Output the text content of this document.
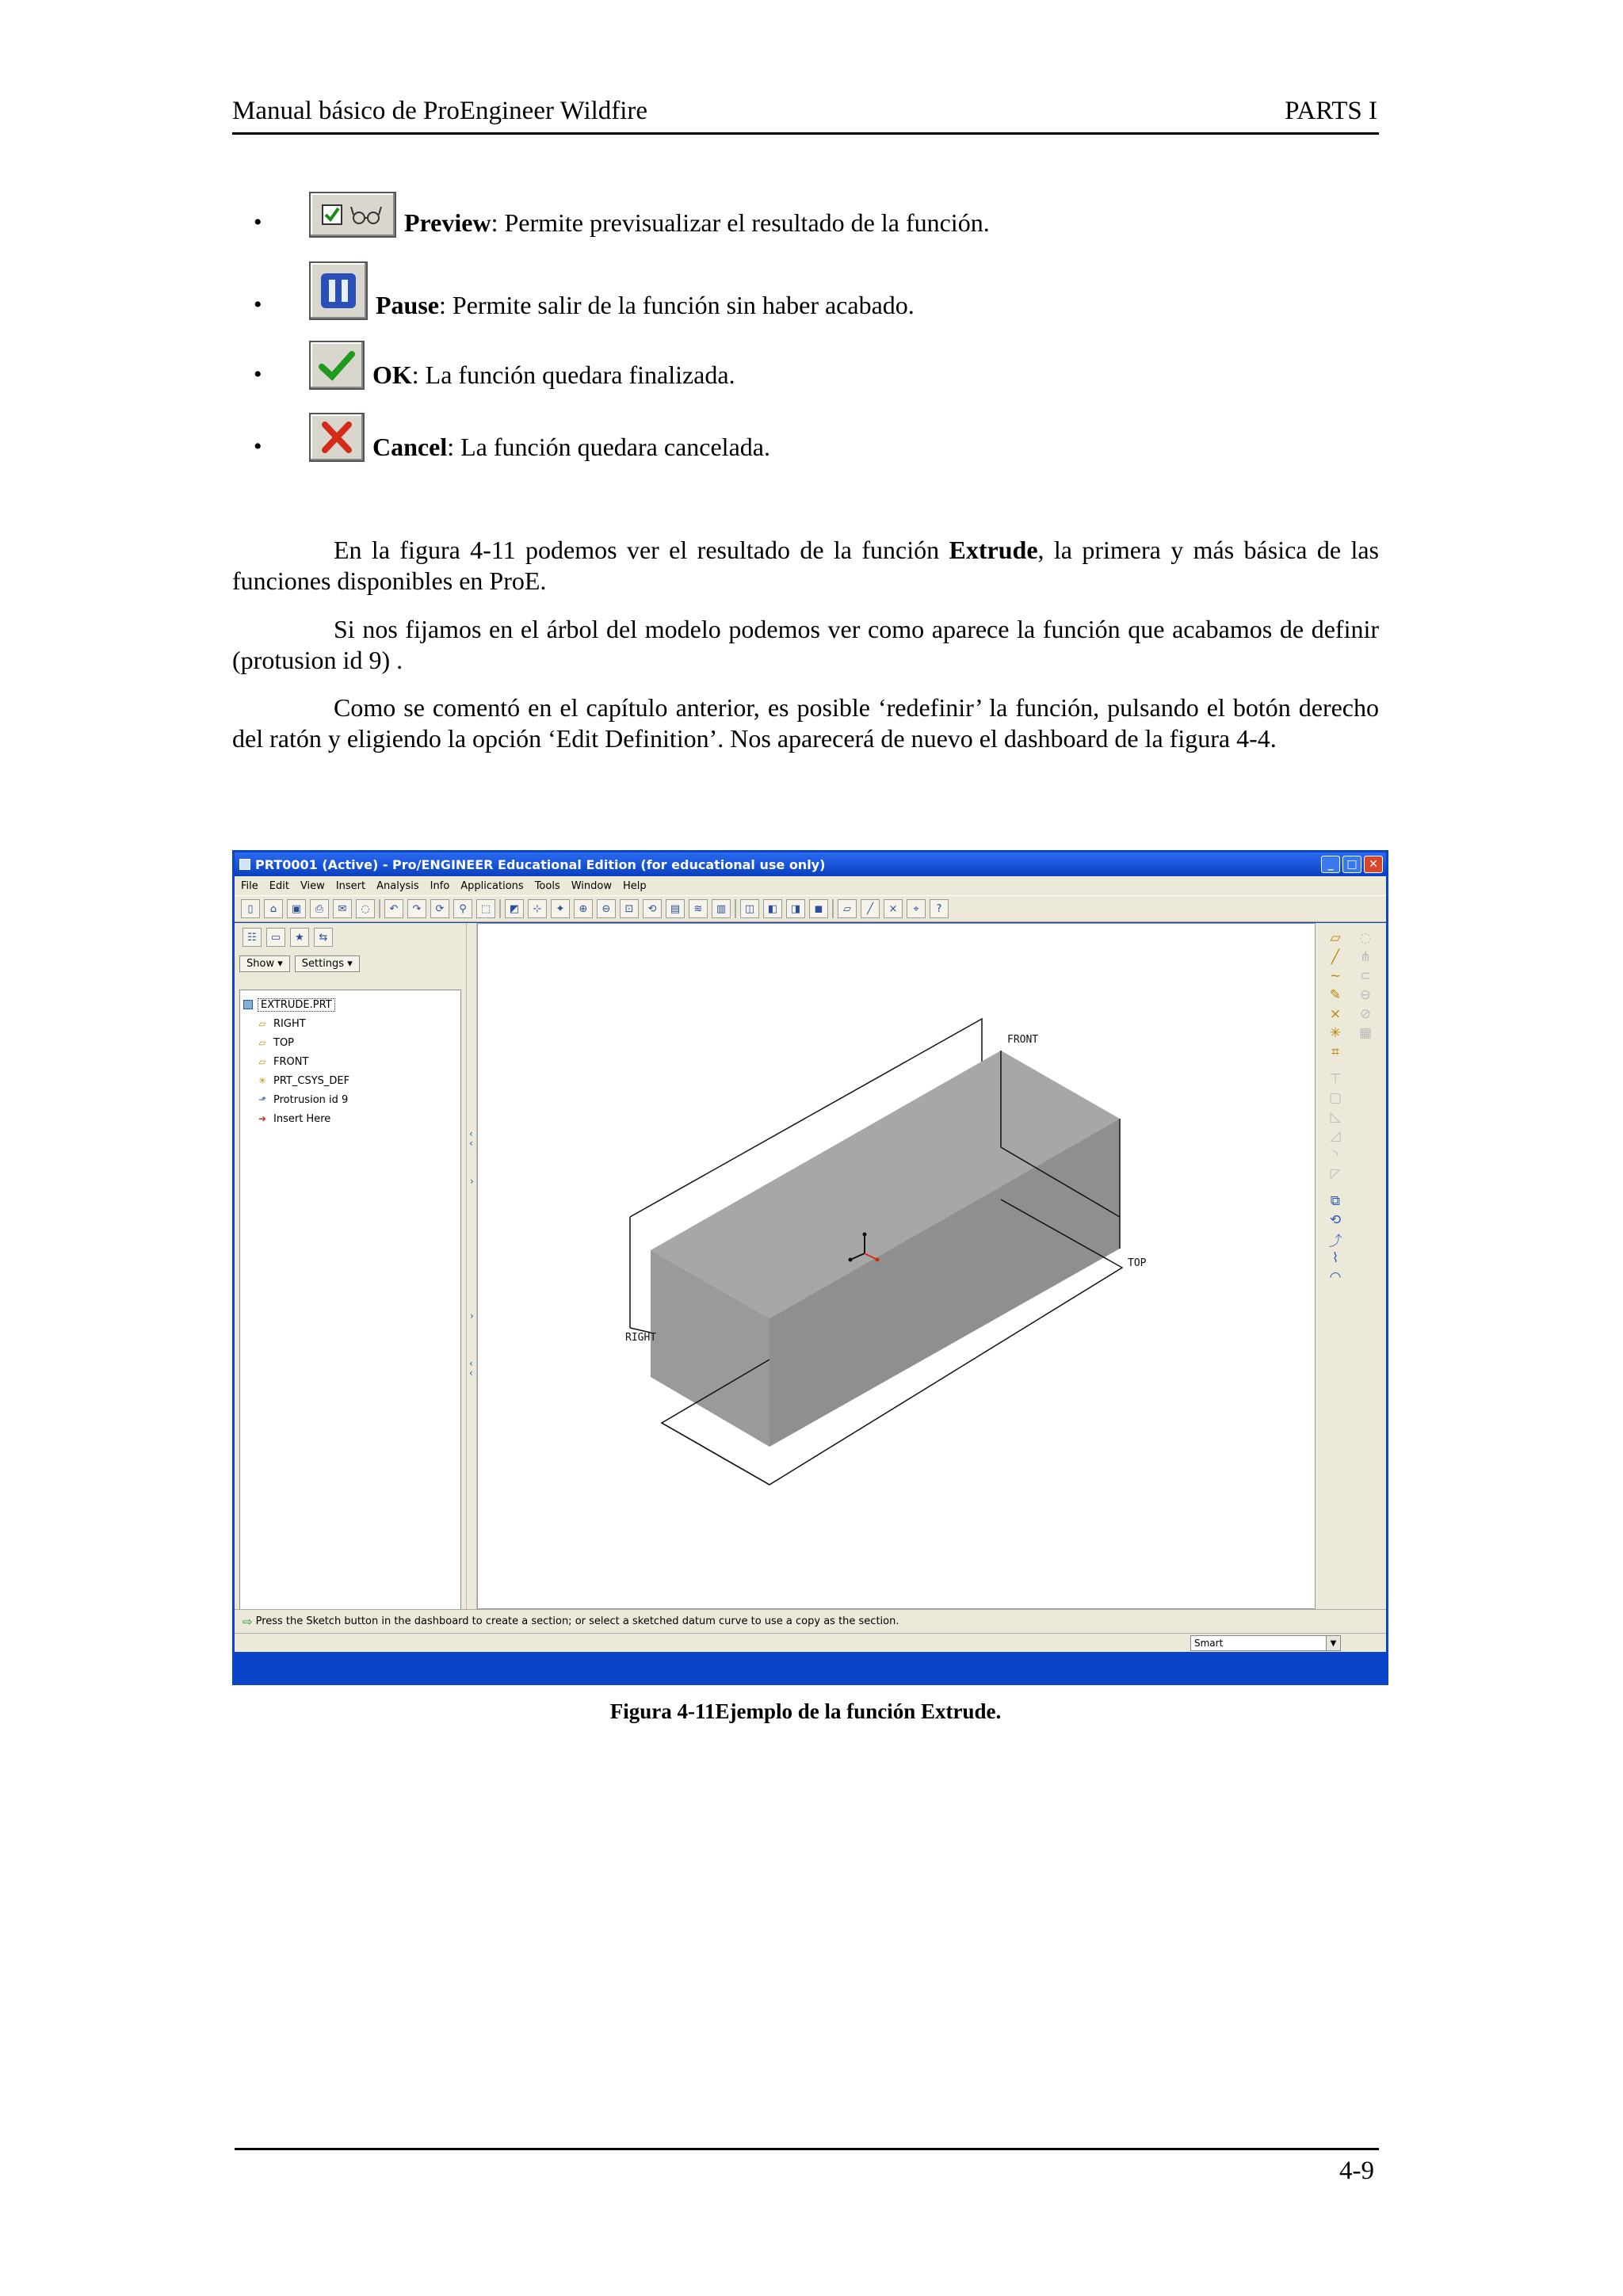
Manual básico de ProEngineer Wildfire	PARTS I
•	Preview: Permite previsualizar el resultado de la función.
•	Pause: Permite salir de la función sin haber acabado.
•	OK: La función quedara finalizada.
•	Cancel: La función quedara cancelada.

En la figura 4-11 podemos ver el resultado de la función Extrude, la primera y más básica de las funciones disponibles en ProE.

Si nos fijamos en el árbol del modelo podemos ver como aparece la función que acabamos de definir (protusion id 9) .

Como se comentó en el capítulo anterior, es posible ‘redefinir’ la función, pulsando el botón derecho del ratón y eligiendo la opción ‘Edit Definition’. Nos aparecerá de nuevo el dashboard de la figura 4-4.

PRT0001 (Active) - Pro/ENGINEER Educational Edition (for educational use only)	_	□	✕
File Edit View Insert Analysis Info Applications Tools Window Help
▯	⌂	▣	⎙	✉	◌	↶	↷	⟳	⚲	⬚	◩	⊹	✦	⊕	⊖	⊡	⟲	▤	≋	▥	◫	◧	◨	◼	▱	╱	×	⌖	?
☷	▭	★	⇆
Show ▾	Settings ▾
EXTRUDE.PRT
▱ RIGHT
▱ TOP
▱ FRONT
✳ PRT_CSYS_DEF
⬏ Protrusion id 9
➜ Insert Here
‹
‹
›
›
‹
‹
FRONT
RIGHT
TOP
▱	◌
╱	⋔
∼	⊂
✎	⊖
×	⊘
✳	▦
⌗
⊤
▢
◺
◿
◝
◸
⧉
⟲
⤴
⌇
◠
⇨ Press the Sketch button in the dashboard to create a section; or select a sketched datum curve to use a copy as the section.
Smart	▼
Figura 4-11Ejemplo de la función Extrude.
4-9
